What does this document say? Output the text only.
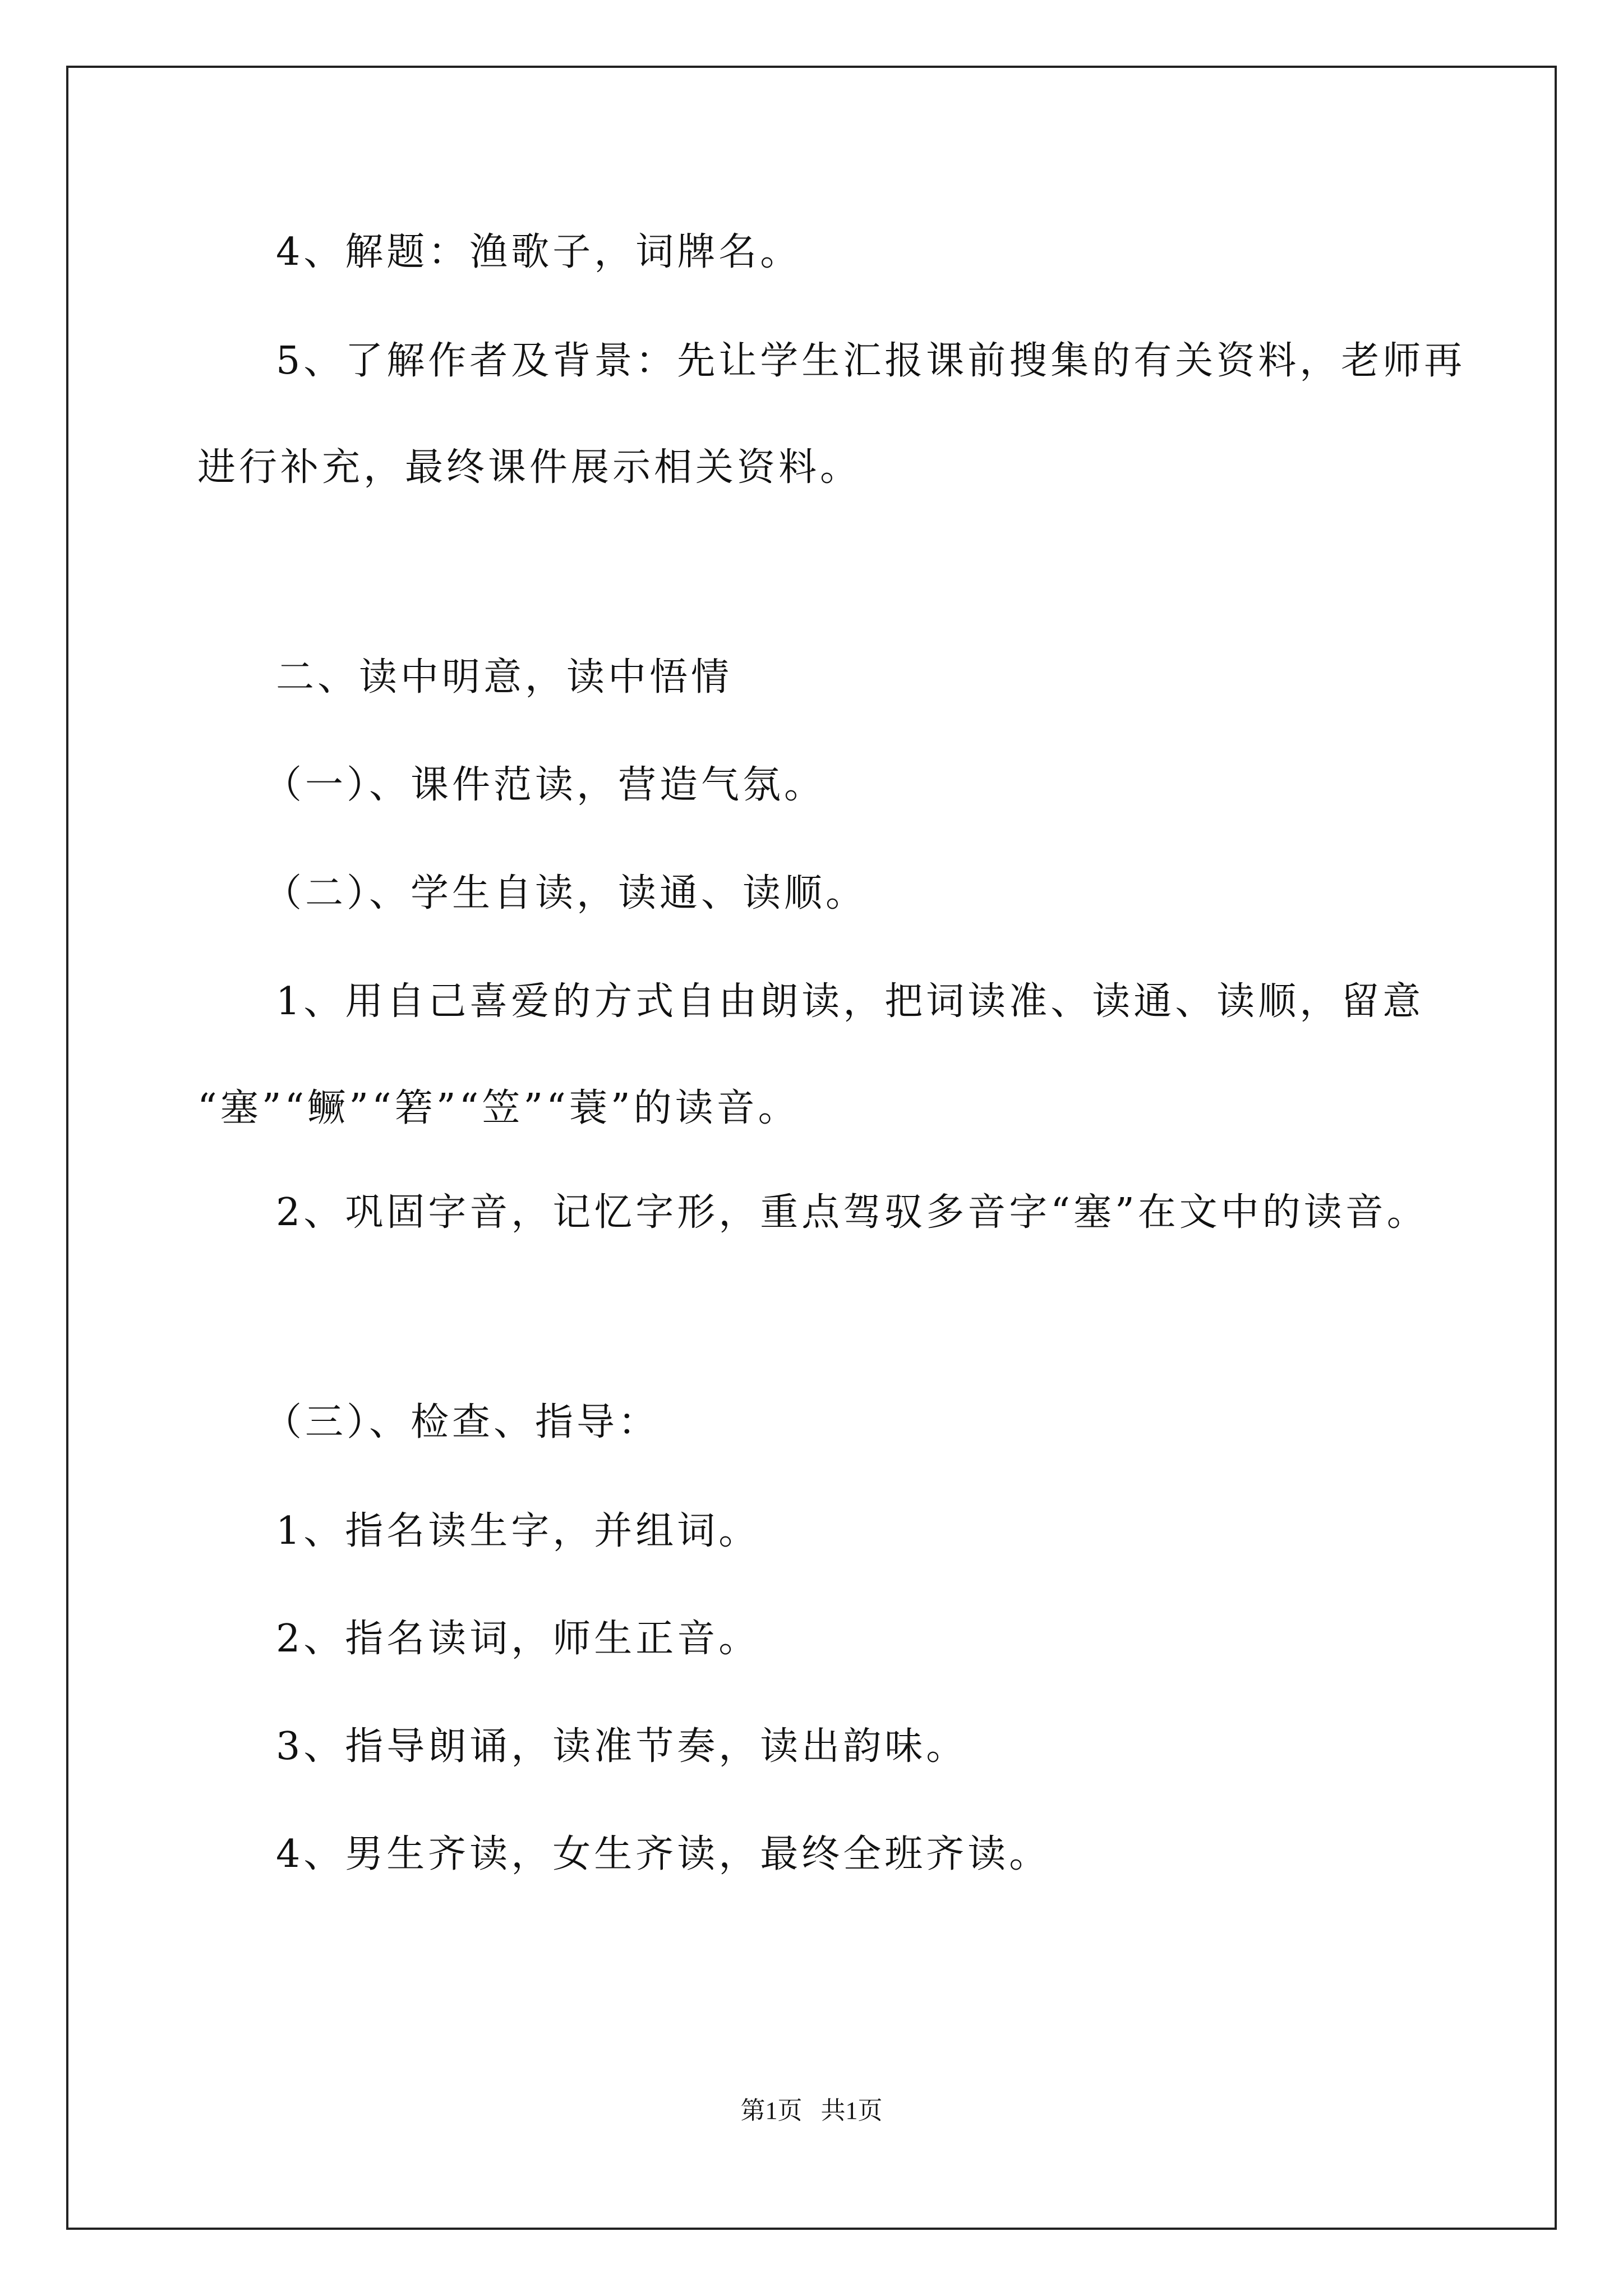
4、解题：渔歌子，词牌名。
5、了解作者及背景：先让学生汇报课前搜集的有关资料，老师再
进行补充，最终课件展示相关资料。
二、读中明意，读中悟情
（一）、课件范读，营造气氛。
（二）、学生自读，读通、读顺。
1、用自己喜爱的方式自由朗读，把词读准、读通、读顺，留意
“塞”“鳜”“箬”“笠”“蓑”的读音。
2、巩固字音，记忆字形，重点驾驭多音字“塞”在文中的读音。
（三）、检查、指导：
1、指名读生字，并组词。
2、指名读词，师生正音。
3、指导朗诵，读准节奏，读出韵味。
4、男生齐读，女生齐读，最终全班齐读。
第1页   共1页
